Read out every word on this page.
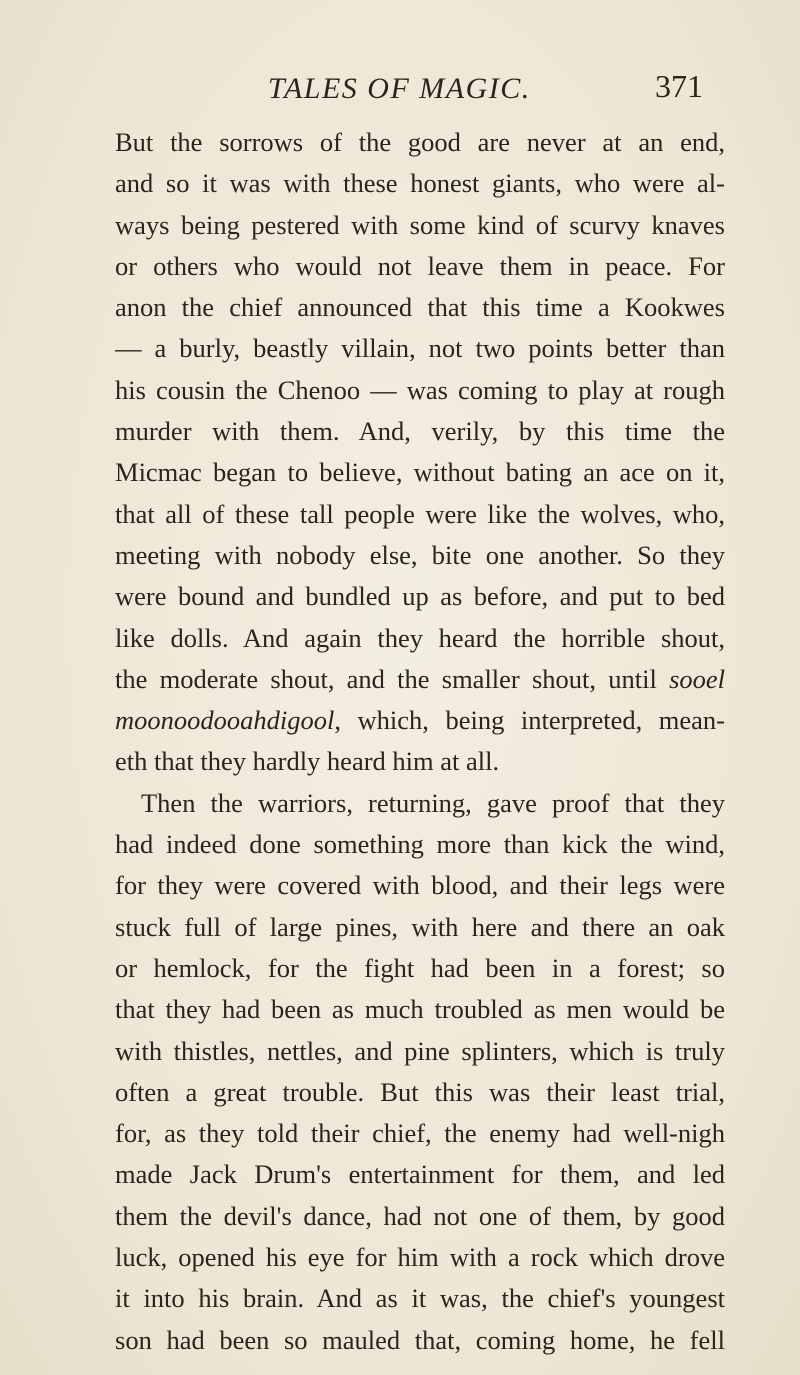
TALES OF MAGIC.	371
But the sorrows of the good are never at an end,
and so it was with these honest giants, who were al-
ways being pestered with some kind of scurvy knaves
or others who would not leave them in peace. For
anon the chief announced that this time a Kookwes
— a burly, beastly villain, not two points better than
his cousin the Chenoo — was coming to play at rough
murder with them. And, verily, by this time the
Micmac began to believe, without bating an ace on it,
that all of these tall people were like the wolves, who,
meeting with nobody else, bite one another. So they
were bound and bundled up as before, and put to bed
like dolls. And again they heard the horrible shout,
the moderate shout, and the smaller shout, until sooel
moonoodooahdigool, which, being interpreted, mean-
eth that they hardly heard him at all.
Then the warriors, returning, gave proof that they
had indeed done something more than kick the wind,
for they were covered with blood, and their legs were
stuck full of large pines, with here and there an oak
or hemlock, for the fight had been in a forest; so
that they had been as much troubled as men would be
with thistles, nettles, and pine splinters, which is truly
often a great trouble. But this was their least trial,
for, as they told their chief, the enemy had well-nigh
made Jack Drum's entertainment for them, and led
them the devil's dance, had not one of them, by good
luck, opened his eye for him with a rock which drove
it into his brain. And as it was, the chief's youngest
son had been so mauled that, coming home, he fell
